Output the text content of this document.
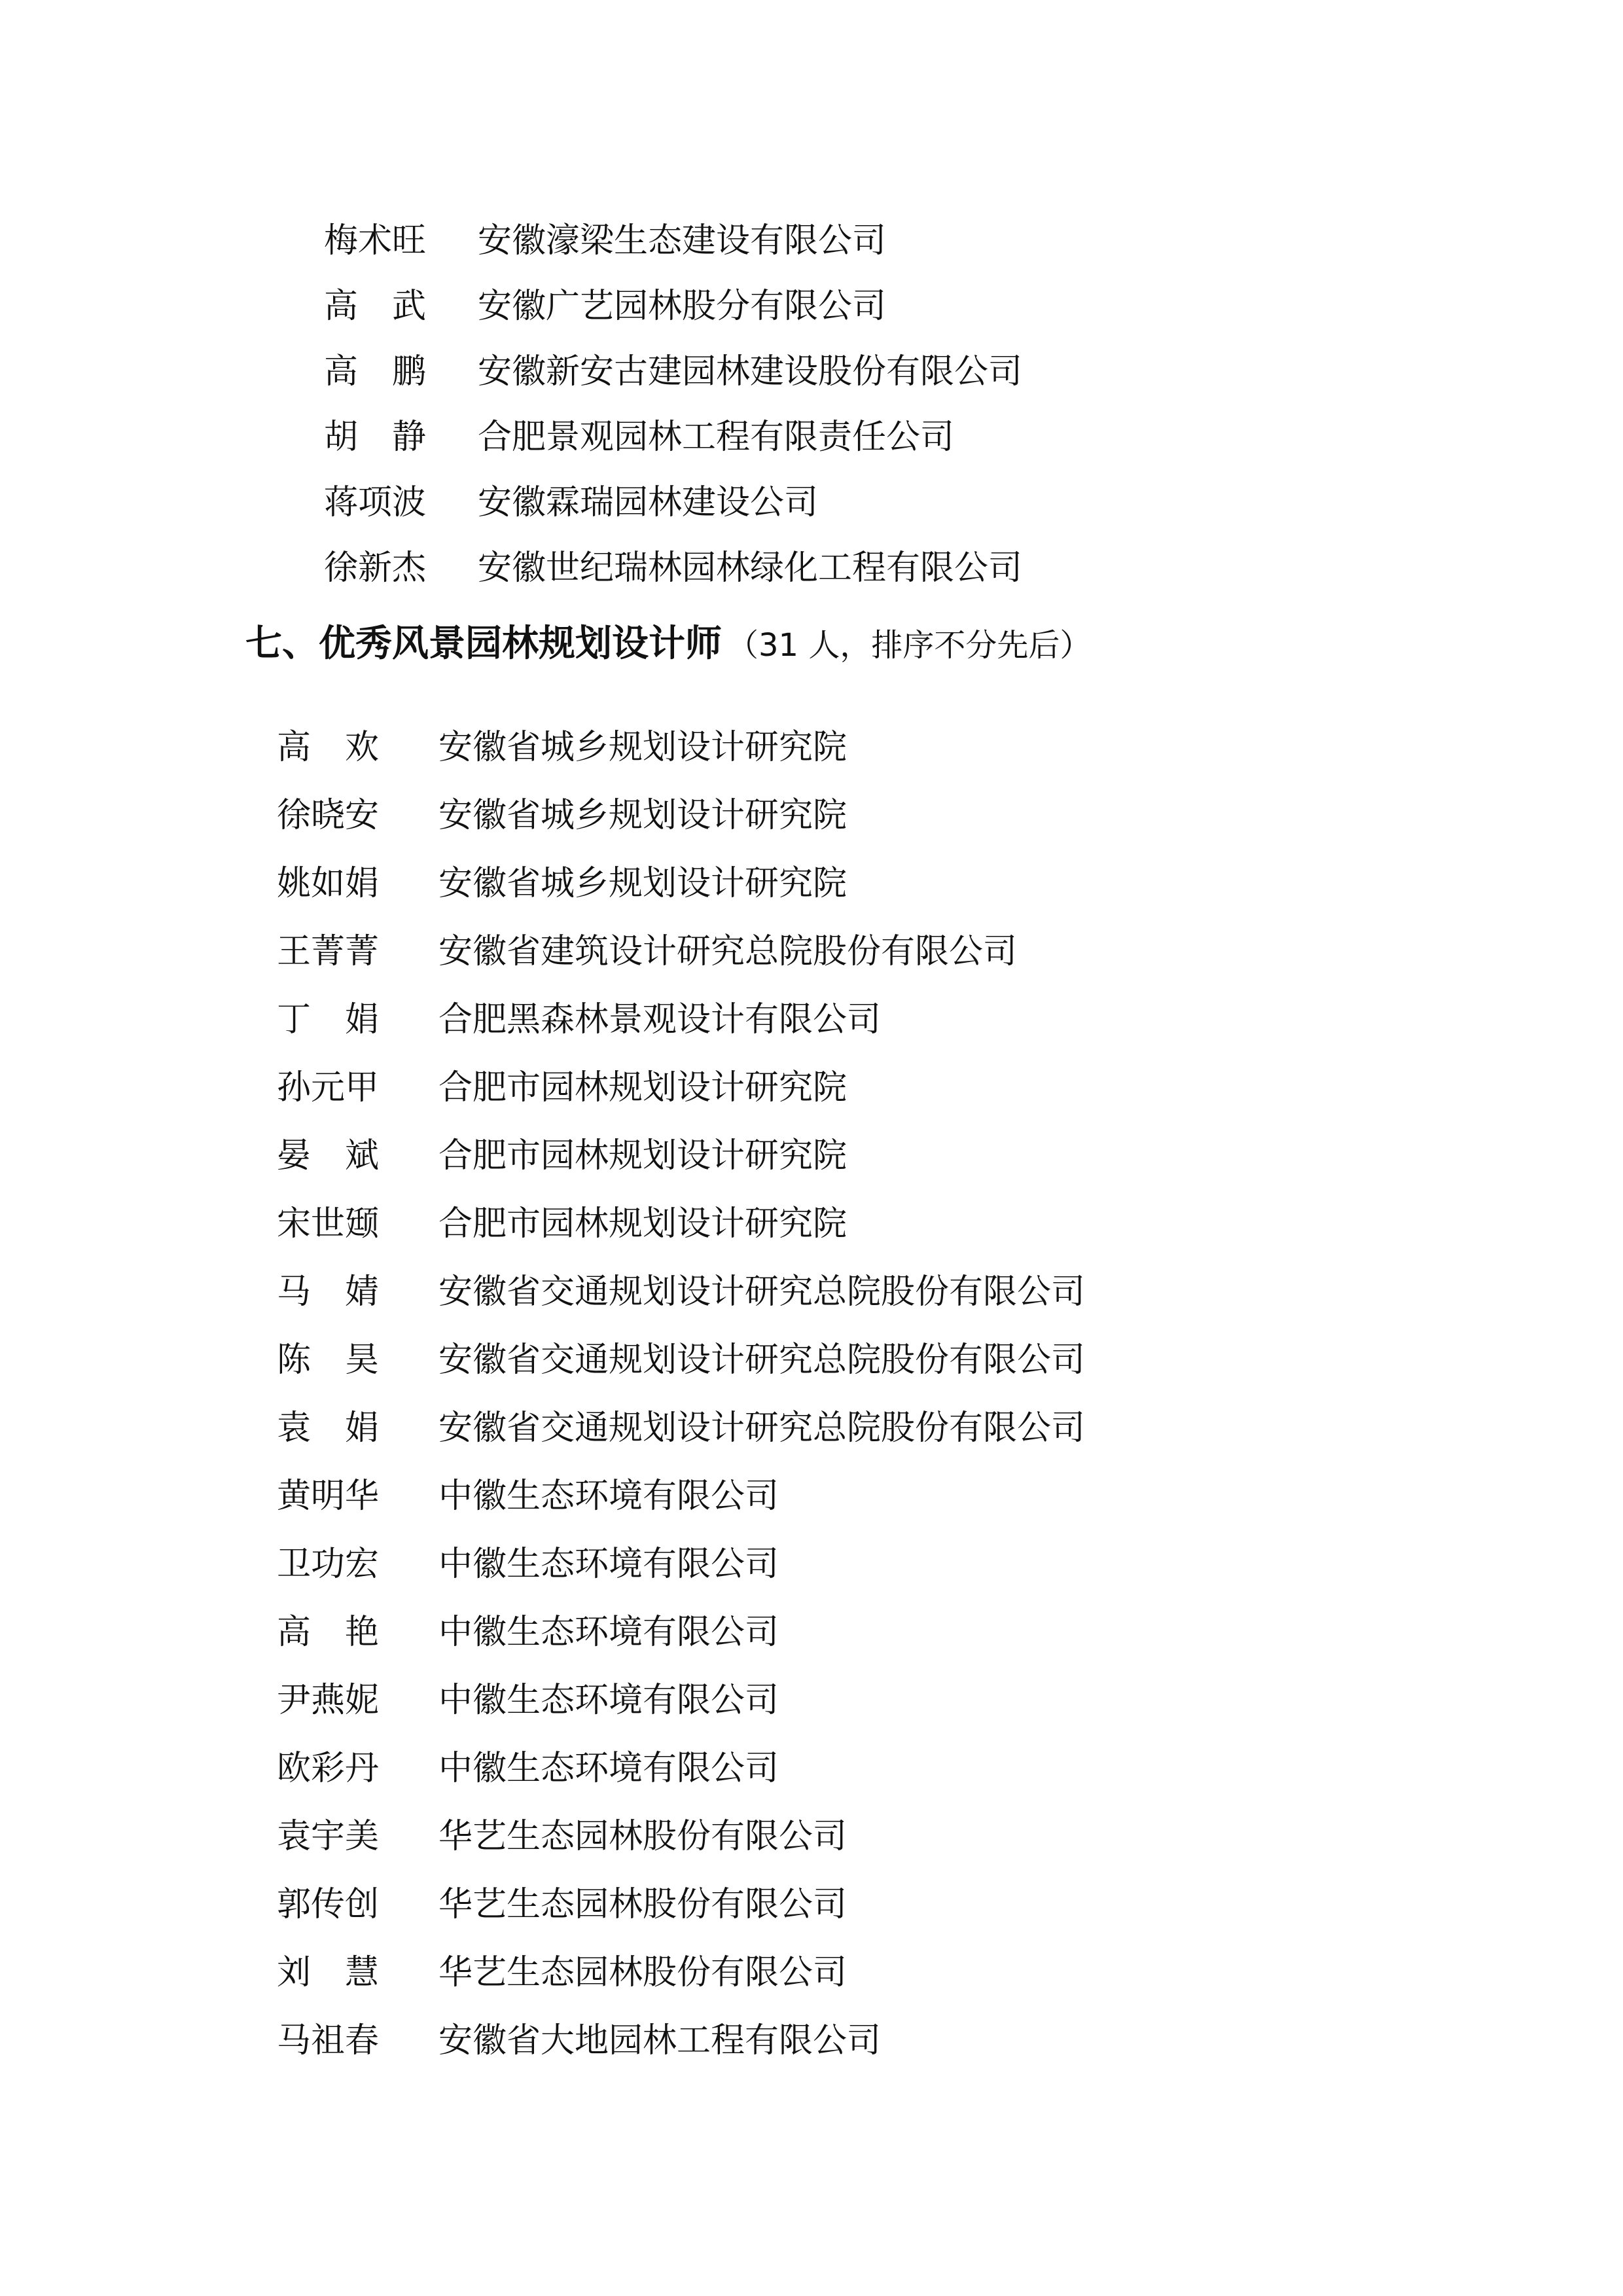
梅术旺	安徽濠梁生态建设有限公司
高　武	安徽广艺园林股分有限公司
高　鹏	安徽新安古建园林建设股份有限公司
胡　静	合肥景观园林工程有限责任公司
蒋项波	安徽霖瑞园林建设公司
徐新杰	安徽世纪瑞林园林绿化工程有限公司
七、优秀风景园林规划设计师 （31 人，排序不分先后）
高　欢	安徽省城乡规划设计研究院
徐晓安	安徽省城乡规划设计研究院
姚如娟	安徽省城乡规划设计研究院
王菁菁	安徽省建筑设计研究总院股份有限公司
丁　娟	合肥黑森林景观设计有限公司
孙元甲	合肥市园林规划设计研究院
晏　斌	合肥市园林规划设计研究院
宋世颋	合肥市园林规划设计研究院
马　婧	安徽省交通规划设计研究总院股份有限公司
陈　昊	安徽省交通规划设计研究总院股份有限公司
袁　娟	安徽省交通规划设计研究总院股份有限公司
黄明华	中徽生态环境有限公司
卫功宏	中徽生态环境有限公司
高　艳	中徽生态环境有限公司
尹燕妮	中徽生态环境有限公司
欧彩丹	中徽生态环境有限公司
袁宇美	华艺生态园林股份有限公司
郭传创	华艺生态园林股份有限公司
刘　慧	华艺生态园林股份有限公司
马祖春	安徽省大地园林工程有限公司
